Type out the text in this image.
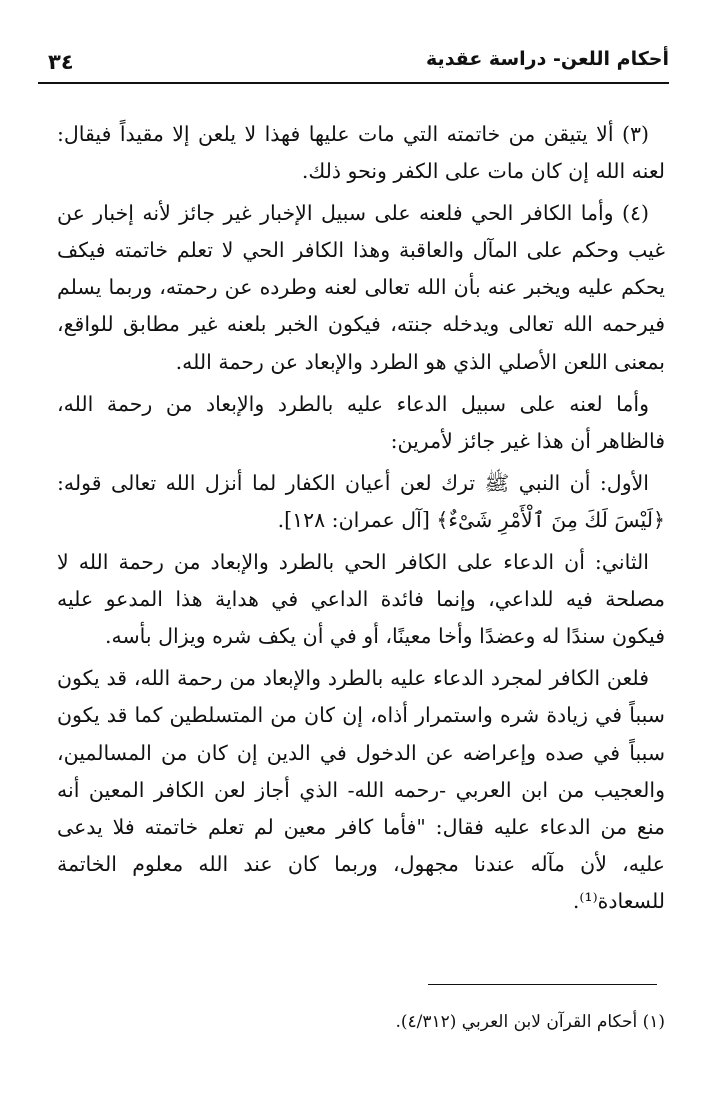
أحكام اللعن- دراسة عقدية
٣٤

(٣) ألا يتيقن من خاتمته التي مات عليها فهذا لا يلعن إلا مقيداً فيقال: لعنه الله إن كان مات على الكفر ونحو ذلك.

(٤) وأما الكافر الحي فلعنه على سبيل الإخبار غير جائز لأنه إخبار عن غيب وحكم على المآل والعاقبة وهذا الكافر الحي لا تعلم خاتمته فيكف يحكم عليه ويخبر عنه بأن الله تعالى لعنه وطرده عن رحمته، وربما يسلم فيرحمه الله تعالى ويدخله جنته، فيكون الخبر بلعنه غير مطابق للواقع، بمعنى اللعن الأصلي الذي هو الطرد والإبعاد عن رحمة الله.

وأما لعنه على سبيل الدعاء عليه بالطرد والإبعاد من رحمة الله، فالظاهر أن هذا غير جائز لأمرين:

الأول: أن النبي ﷺ ترك لعن أعيان الكفار لما أنزل الله تعالى قوله: ﴿لَيْسَ لَكَ مِنَ ٱلْأَمْرِ شَىْءٌ﴾ [آل عمران: ١٢٨].

الثاني: أن الدعاء على الكافر الحي بالطرد والإبعاد من رحمة الله لا مصلحة فيه للداعي، وإنما فائدة الداعي في هداية هذا المدعو عليه فيكون سندًا له وعضدًا وأخا معينًا، أو في أن يكف شره ويزال بأسه.

فلعن الكافر لمجرد الدعاء عليه بالطرد والإبعاد من رحمة الله، قد يكون سبباً في زيادة شره واستمرار أذاه، إن كان من المتسلطين كما قد يكون سبباً في صده وإعراضه عن الدخول في الدين إن كان من المسالمين، والعجيب من ابن العربي -رحمه الله- الذي أجاز لعن الكافر المعين أنه منع من الدعاء عليه فقال: "فأما كافر معين لم تعلم خاتمته فلا يدعى عليه، لأن مآله عندنا مجهول، وربما كان عند الله معلوم الخاتمة للسعادة⁽¹⁾.

(١) أحكام القرآن لابن العربي (٤/٣١٢).
